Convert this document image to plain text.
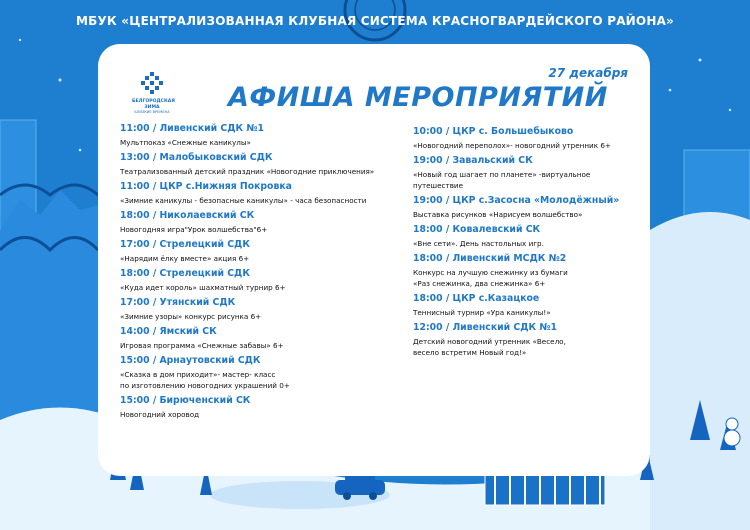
МБУК «ЦЕНТРАЛИЗОВАННАЯ КЛУБНАЯ СИСТЕМА КРАСНОГВАРДЕЙСКОГО РАЙОНА»
БЕЛГОРОДСКАЯ
ЗИМА
БЛИЗКИЕ ВРЕМЕНА
27 декабря
АФИША МЕРОПРИЯТИЙ
11:00 / Ливенский СДК №1
Мультпоказ «Снежные каникулы»
13:00 / Малобыковский СДК
Театрализованный детский праздник «Новогодние приключения»
11:00 / ЦКР с.Нижняя Покровка
«Зимние каникулы - безопасные каникулы» - часа безопасности
18:00 / Николаевский СК
Новогодняя игра"Урок волшебства"6+
17:00 / Стрелецкий СДК
«Нарядим ёлку вместе» акция 6+
18:00 / Стрелецкий СДК
«Куда идет король» шахматный турнир 6+
17:00 / Утянский СДК
«Зимние узоры» конкурс рисунка 6+
14:00 / Ямский СК
Игровая программа «Снежные забавы» 6+
15:00 / Арнаутовский СДК
«Сказка в дом приходит»- мастер- класс
по изготовлению новогодних украшений 0+
15:00 / Бирюченский СК
Новогодний хоровод
10:00 / ЦКР с. Большебыково
«Новогодний переполох»- новогодний утренник 6+
19:00 / Завальский СК
«Новый год шагает по планете» -виртуальное
путешествие
19:00 / ЦКР с.Засосна «Молодёжный»
Выставка рисунков «Нарисуем волшебство»
18:00 / Ковалевский СК
«Вне сети». День настольных игр.
18:00 / Ливенский МСДК №2
Конкурс на лучшую снежинку из бумаги
«Раз снежинка, два снежинка» 6+
18:00 / ЦКР с.Казацкое
Теннисный турнир «Ура каникулы!»
12:00 / Ливенский СДК №1
Детский новогодний утренник «Весело,
весело встретим Новый год!»
